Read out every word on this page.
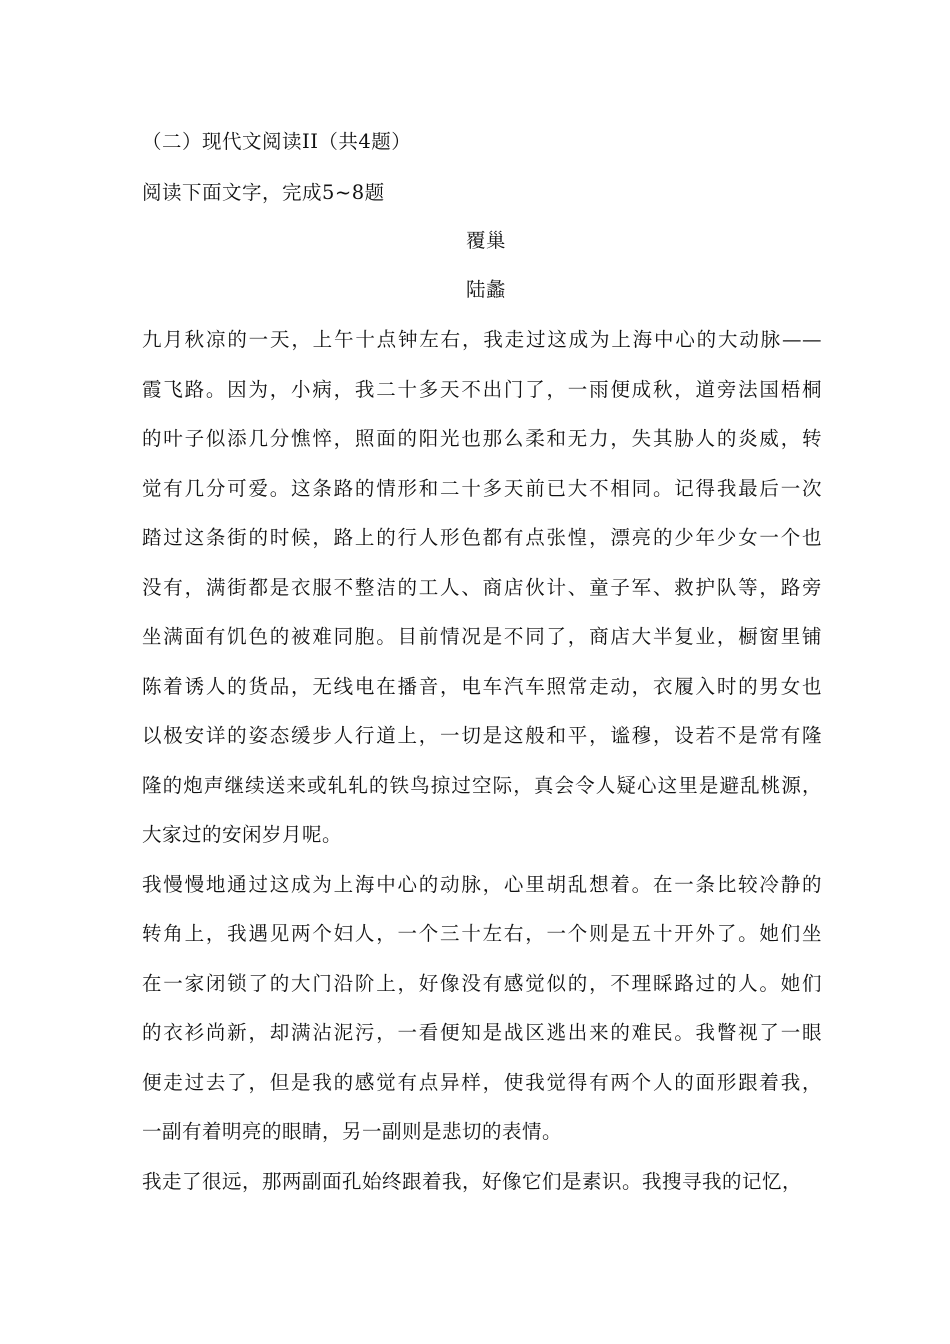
（二）现代文阅读II（共4题）
阅读下面文字，完成5~8题
覆巢
陆蠡
九月秋凉的一天，上午十点钟左右，我走过这成为上海中心的大动脉——
霞飞路。因为，小病，我二十多天不出门了，一雨便成秋，道旁法国梧桐
的叶子似添几分憔悴，照面的阳光也那么柔和无力，失其胁人的炎威，转
觉有几分可爱。这条路的情形和二十多天前已大不相同。记得我最后一次
踏过这条街的时候，路上的行人形色都有点张惶，漂亮的少年少女一个也
没有，满街都是衣服不整洁的工人、商店伙计、童子军、救护队等，路旁
坐满面有饥色的被难同胞。目前情况是不同了，商店大半复业，橱窗里铺
陈着诱人的货品，无线电在播音，电车汽车照常走动，衣履入时的男女也
以极安详的姿态缓步人行道上，一切是这般和平，谧穆，设若不是常有隆
隆的炮声继续送来或轧轧的铁鸟掠过空际，真会令人疑心这里是避乱桃源，
大家过的安闲岁月呢。
我慢慢地通过这成为上海中心的动脉，心里胡乱想着。在一条比较冷静的
转角上，我遇见两个妇人，一个三十左右，一个则是五十开外了。她们坐
在一家闭锁了的大门沿阶上，好像没有感觉似的，不理睬路过的人。她们
的衣衫尚新，却满沾泥污，一看便知是战区逃出来的难民。我瞥视了一眼
便走过去了，但是我的感觉有点异样，使我觉得有两个人的面形跟着我，
一副有着明亮的眼睛，另一副则是悲切的表情。
我走了很远，那两副面孔始终跟着我，好像它们是素识。我搜寻我的记忆，
